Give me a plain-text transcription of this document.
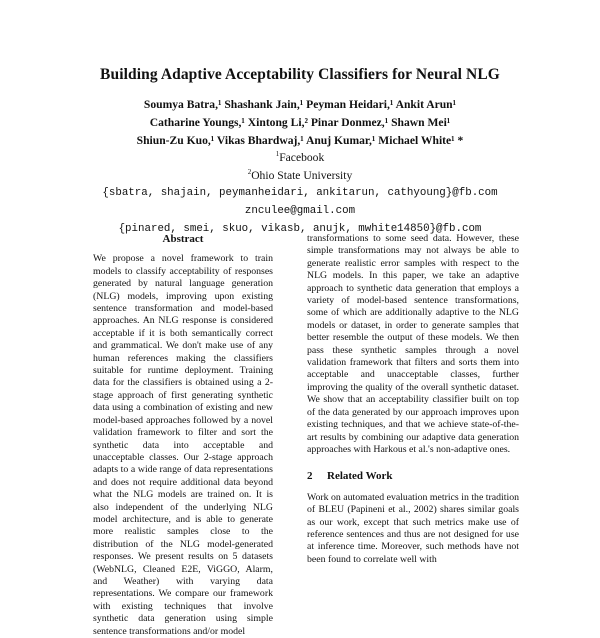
Building Adaptive Acceptability Classifiers for Neural NLG
Soumya Batra,¹ Shashank Jain,¹ Peyman Heidari,¹ Ankit Arun¹
Catharine Youngs,¹ Xintong Li,² Pinar Donmez,¹ Shawn Mei¹
Shiun-Zu Kuo,¹ Vikas Bhardwaj,¹ Anuj Kumar,¹ Michael White¹ *
$^1$Facebook
$^2$Ohio State University
{sbatra, shajain, peymanheidari, ankitarun, cathyoung}@fb.com
znculee@gmail.com
{pinared, smei, skuo, vikasb, anujk, mwhite14850}@fb.com
Abstract

We propose a novel framework to train models to classify acceptability of responses generated by natural language generation (NLG) models, improving upon existing sentence transformation and model-based approaches. An NLG response is considered acceptable if it is both semantically correct and grammatical. We don't make use of any human references making the classifiers suitable for runtime deployment. Training data for the classifiers is obtained using a 2-stage approach of first generating synthetic data using a combination of existing and new model-based approaches followed by a novel validation framework to filter and sort the synthetic data into acceptable and unacceptable classes. Our 2-stage approach adapts to a wide range of data representations and does not require additional data beyond what the NLG models are trained on. It is also independent of the underlying NLG model architecture, and is able to generate more realistic samples close to the distribution of the NLG model-generated responses. We present results on 5 datasets (WebNLG, Cleaned E2E, ViGGO, Alarm, and Weather) with varying data representations. We compare our framework with existing techniques that involve synthetic data generation using simple sentence transformations and/or model

transformations to some seed data. However, these simple transformations may not always be able to generate realistic error samples with respect to the NLG models. In this paper, we take an adaptive approach to synthetic data generation that employs a variety of model-based sentence transformations, some of which are additionally adaptive to the NLG models or dataset, in order to generate samples that better resemble the output of these models. We then pass these synthetic samples through a novel validation framework that filters and sorts them into acceptable and unacceptable classes, further improving the quality of the overall synthetic dataset. We show that an acceptability classifier built on top of the data generated by our approach improves upon existing techniques, and that we achieve state-of-the-art results by combining our adaptive data generation approaches with Harkous et al.'s non-adaptive ones.

2 Related Work

Work on automated evaluation metrics in the tradition of BLEU (Papineni et al., 2002) shares similar goals as our work, except that such metrics make use of reference sentences and thus are not designed for use at inference time. Moreover, such methods have not been found to correlate well with
